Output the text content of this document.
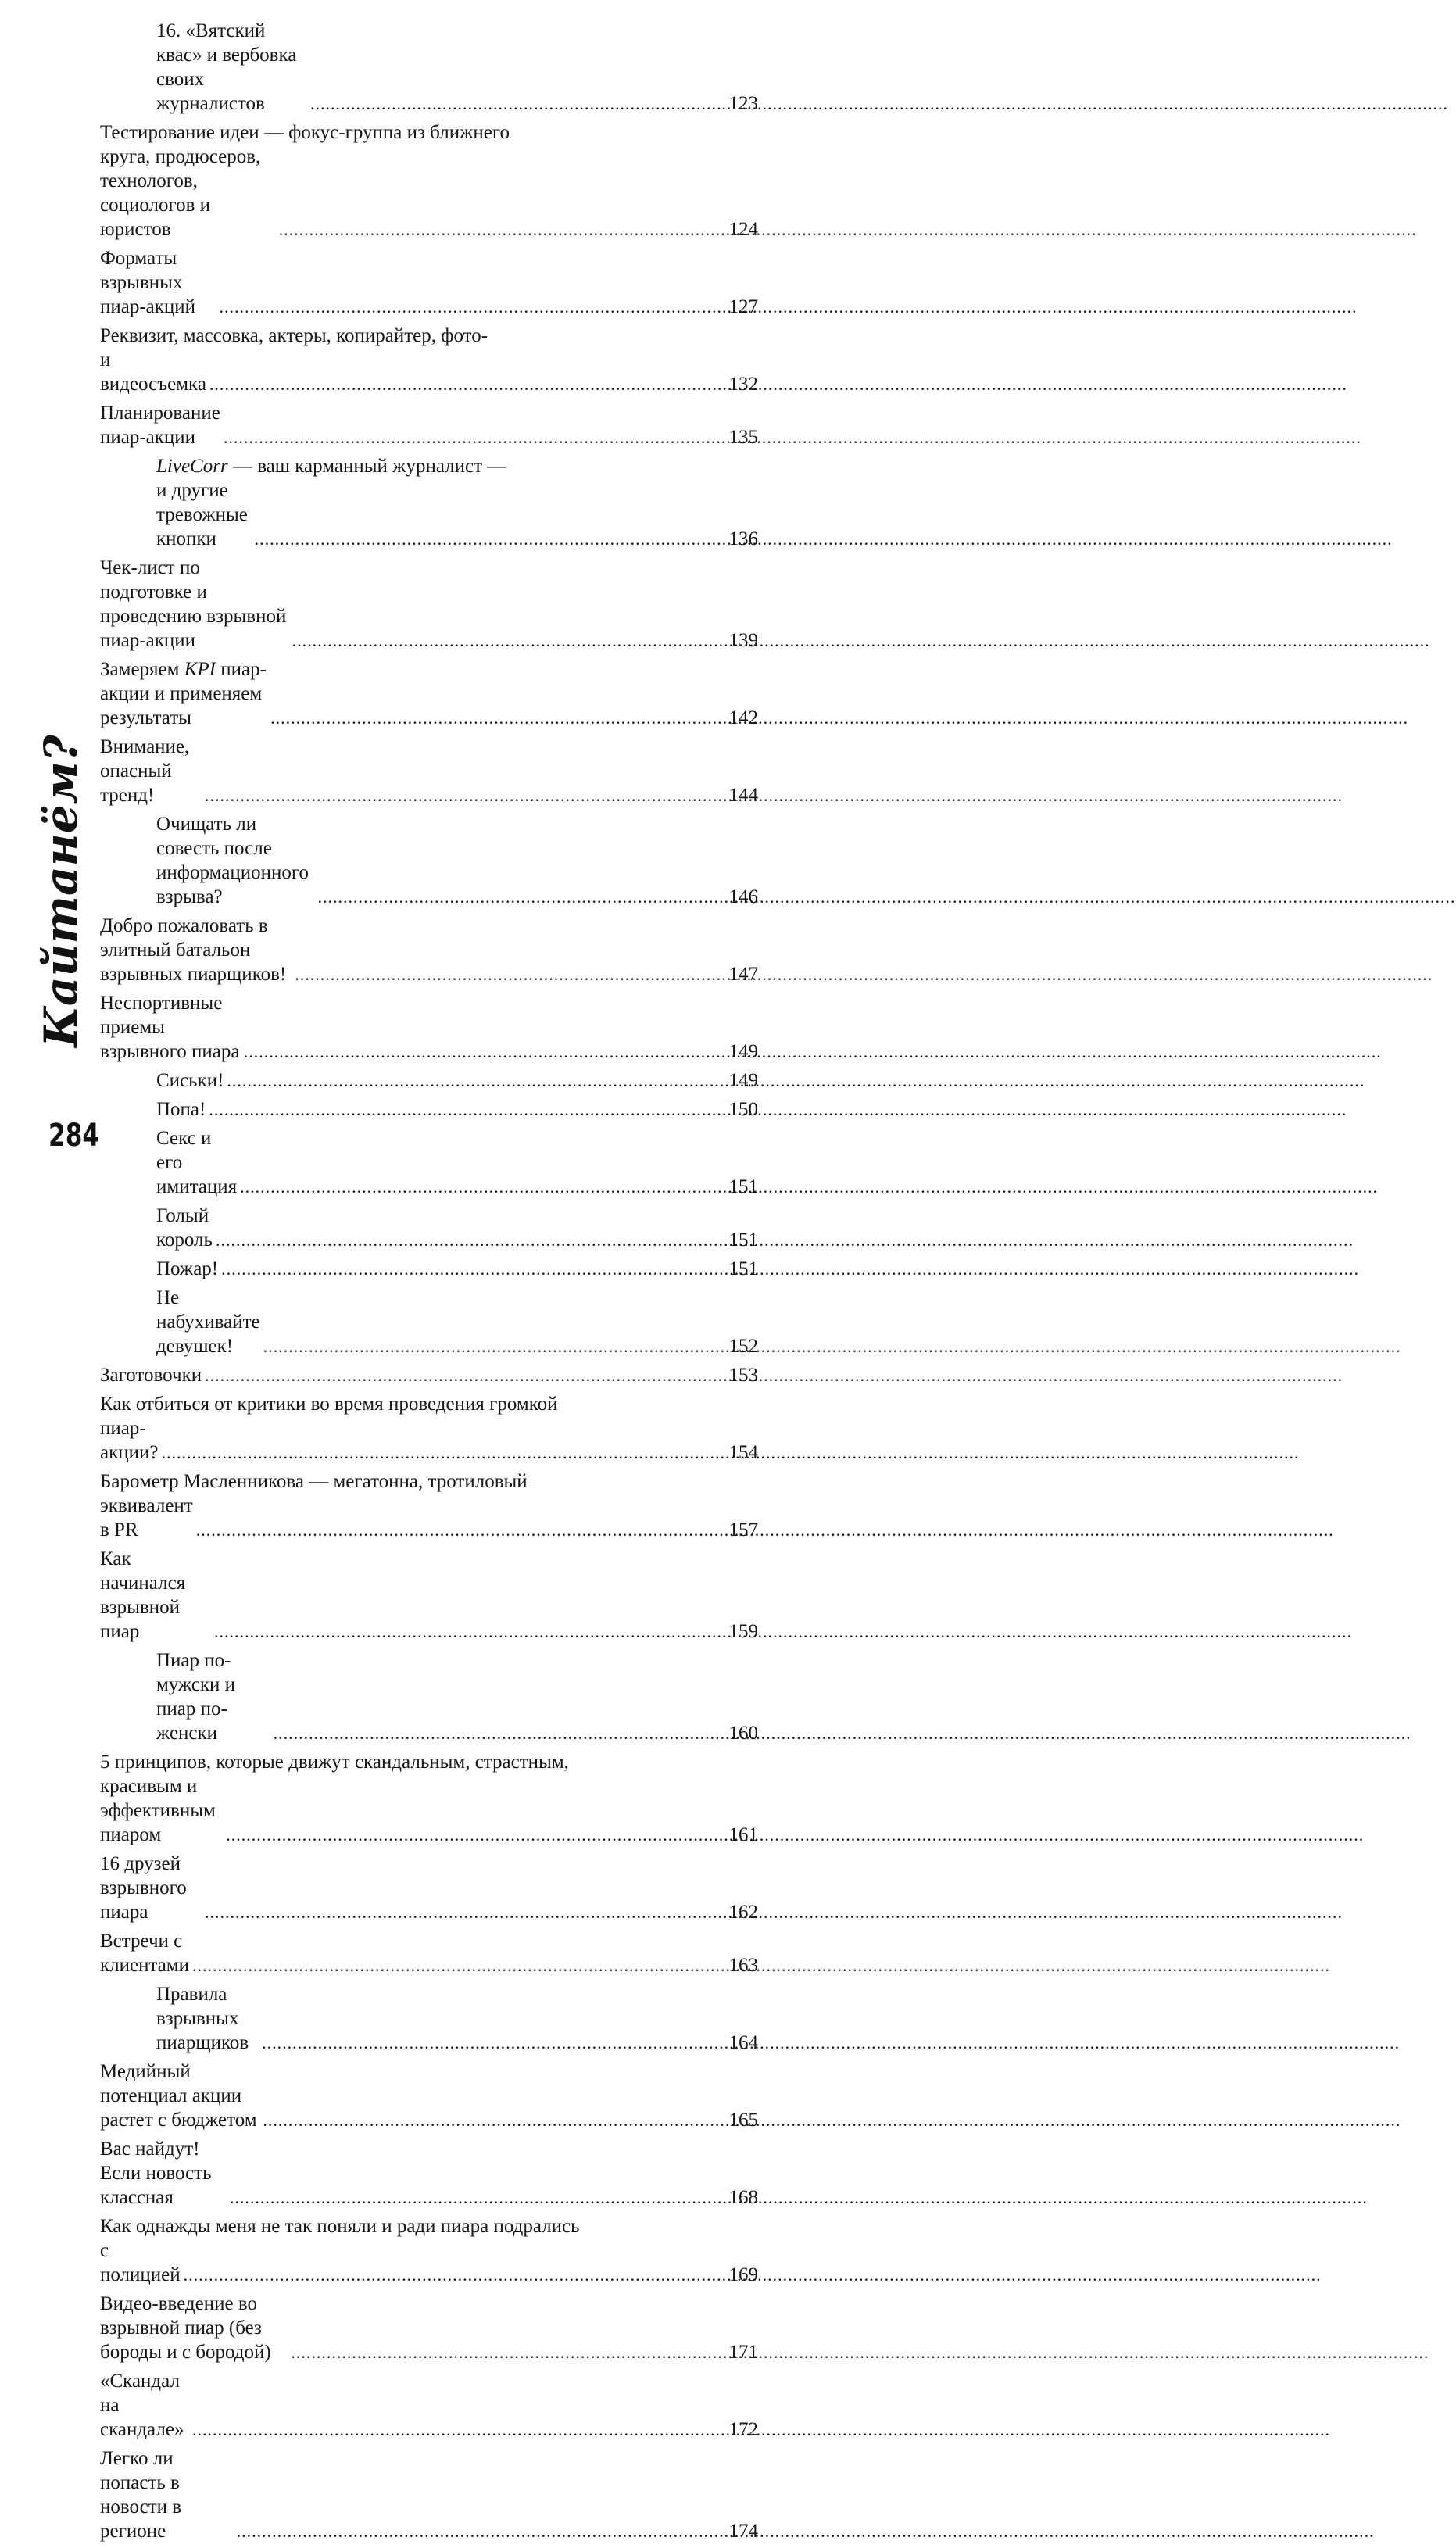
16. «Вятский квас» и вербовка своих журналистов .....	123
Тестирование идеи — фокус-группа из ближнего
круга, продюсеров, технологов, социологов и юристов .....	124
Форматы взрывных пиар-акций .....	127
Реквизит, массовка, актеры, копирайтер, фото-
и видеосъемка .....	132
Планирование пиар-акции .....	135
LiveCorr — ваш карманный журналист —
и другие тревожные кнопки .....	136
Чек-лист по подготовке и проведению взрывной пиар-акции .....	139
Замеряем KPI пиар-акции и применяем результаты .....	142
Внимание, опасный тренд! .....	144
Очищать ли совесть после информационного взрыва? .....	146
Добро пожаловать в элитный батальон взрывных пиарщиков! .....	147
Неспортивные приемы взрывного пиара .....	149
Сиськи! .....	149
Попа! .....	150
Секс и его имитация .....	151
Голый король .....	151
Пожар! .....	151
Не набухивайте девушек! .....	152
Заготовочки .....	153
Как отбиться от критики во время проведения громкой
пиар-акции? .....	154
Барометр Масленникова — мегатонна, тротиловый
эквивалент в PR .....	157
Как начинался взрывной пиар .....	159
Пиар по-мужски и пиар по-женски .....	160
5 принципов, которые движут скандальным, страстным,
красивым и эффективным пиаром .....	161
16 друзей взрывного пиара .....	162
Встречи с клиентами .....	163
Правила взрывных пиарщиков .....	164
Медийный потенциал акции растет с бюджетом .....	165
Вас найдут! Если новость классная .....	168
Как однажды меня не так поняли и ради пиара подрались
с полицией .....	169
Видео-введение во взрывной пиар (без бороды и с бородой) .....	171
«Скандал на скандале» .....	172
Легко ли попасть в новости в регионе .....	174
Кайтанём?
284
